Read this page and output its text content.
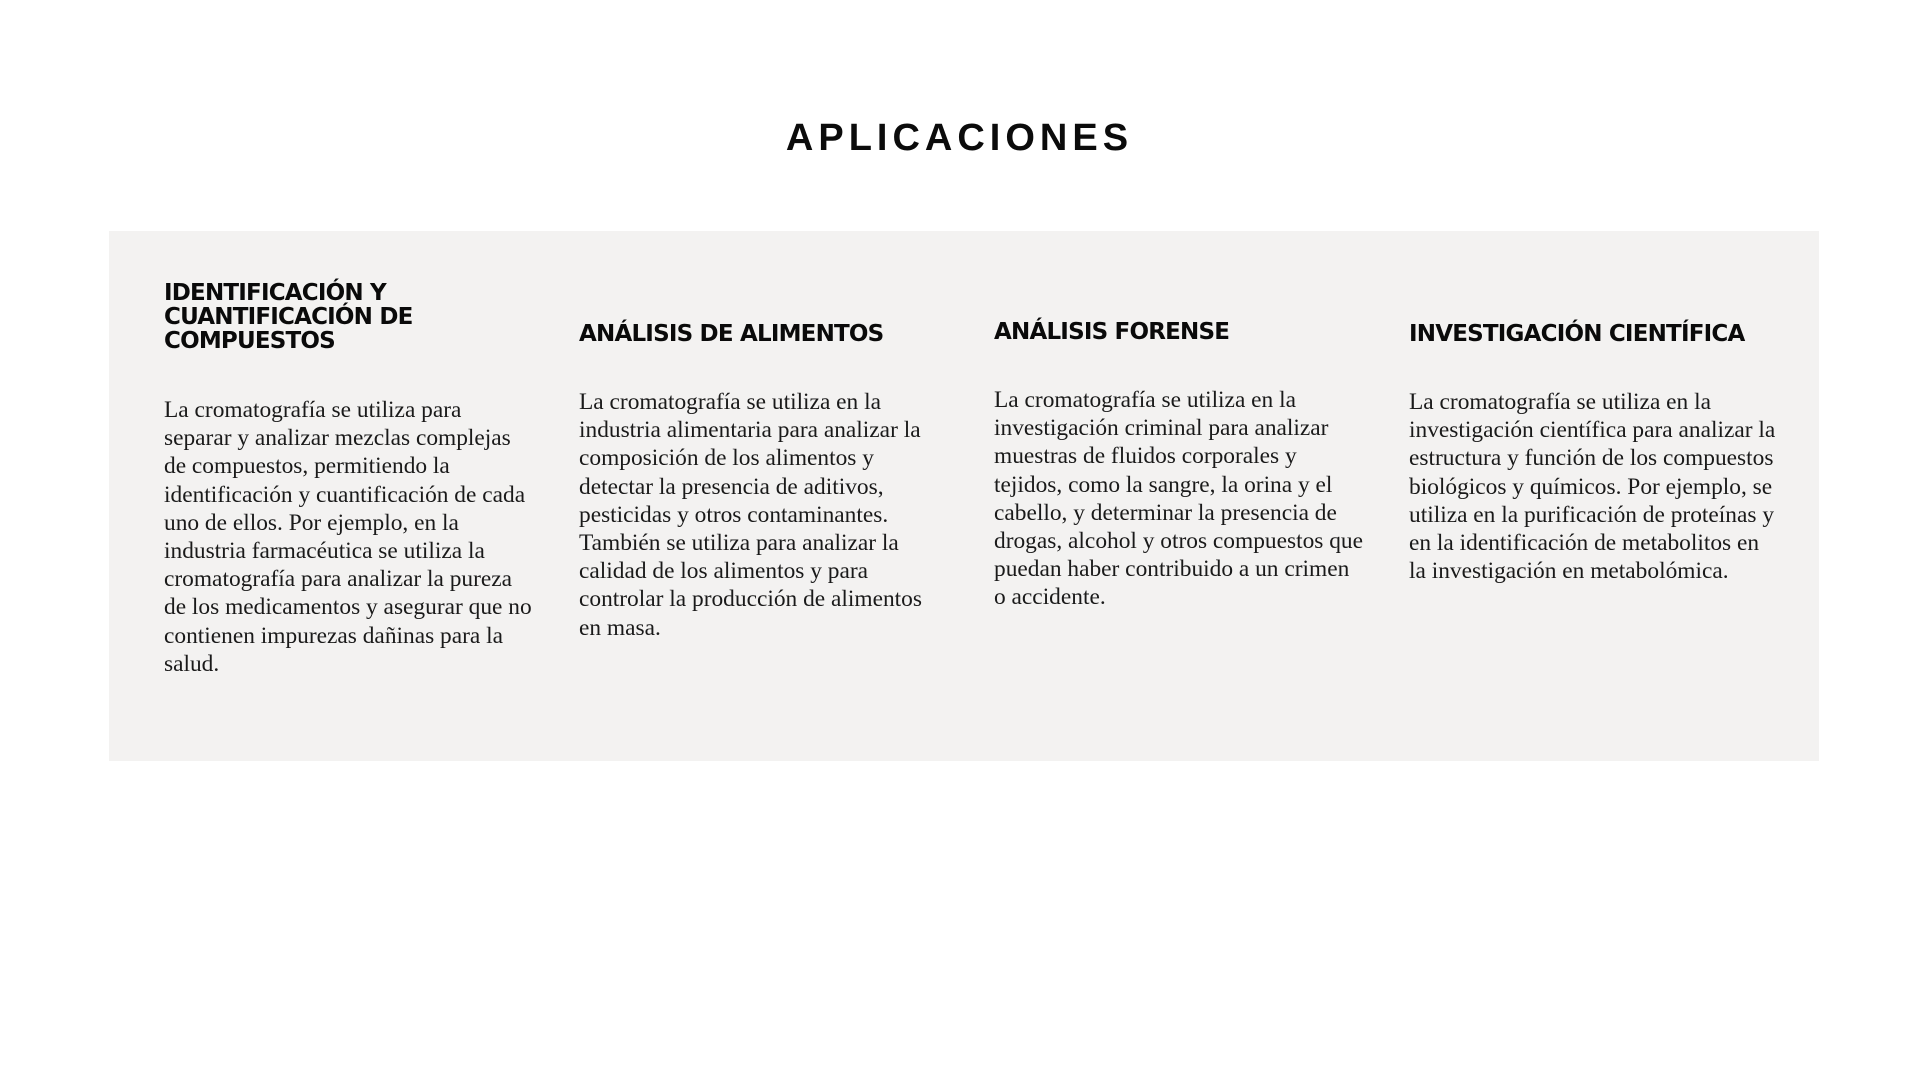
APLICACIONES
IDENTIFICACIÓN Y CUANTIFICACIÓN DE COMPUESTOS
La cromatografía se utiliza para separar y analizar mezclas complejas de compuestos, permitiendo la identificación y cuantificación de cada uno de ellos. Por ejemplo, en la industria farmacéutica se utiliza la cromatografía para analizar la pureza de los medicamentos y asegurar que no contienen impurezas dañinas para la salud.
ANÁLISIS DE ALIMENTOS
La cromatografía se utiliza en la industria alimentaria para analizar la composición de los alimentos y detectar la presencia de aditivos, pesticidas y otros contaminantes. También se utiliza para analizar la calidad de los alimentos y para controlar la producción de alimentos en masa.
ANÁLISIS FORENSE
La cromatografía se utiliza en la investigación criminal para analizar muestras de fluidos corporales y tejidos, como la sangre, la orina y el cabello, y determinar la presencia de drogas, alcohol y otros compuestos que puedan haber contribuido a un crimen o accidente.
INVESTIGACIÓN CIENTÍFICA
La cromatografía se utiliza en la investigación científica para analizar la estructura y función de los compuestos biológicos y químicos. Por ejemplo, se utiliza en la purificación de proteínas y en la identificación de metabolitos en la investigación en metabolómica.
